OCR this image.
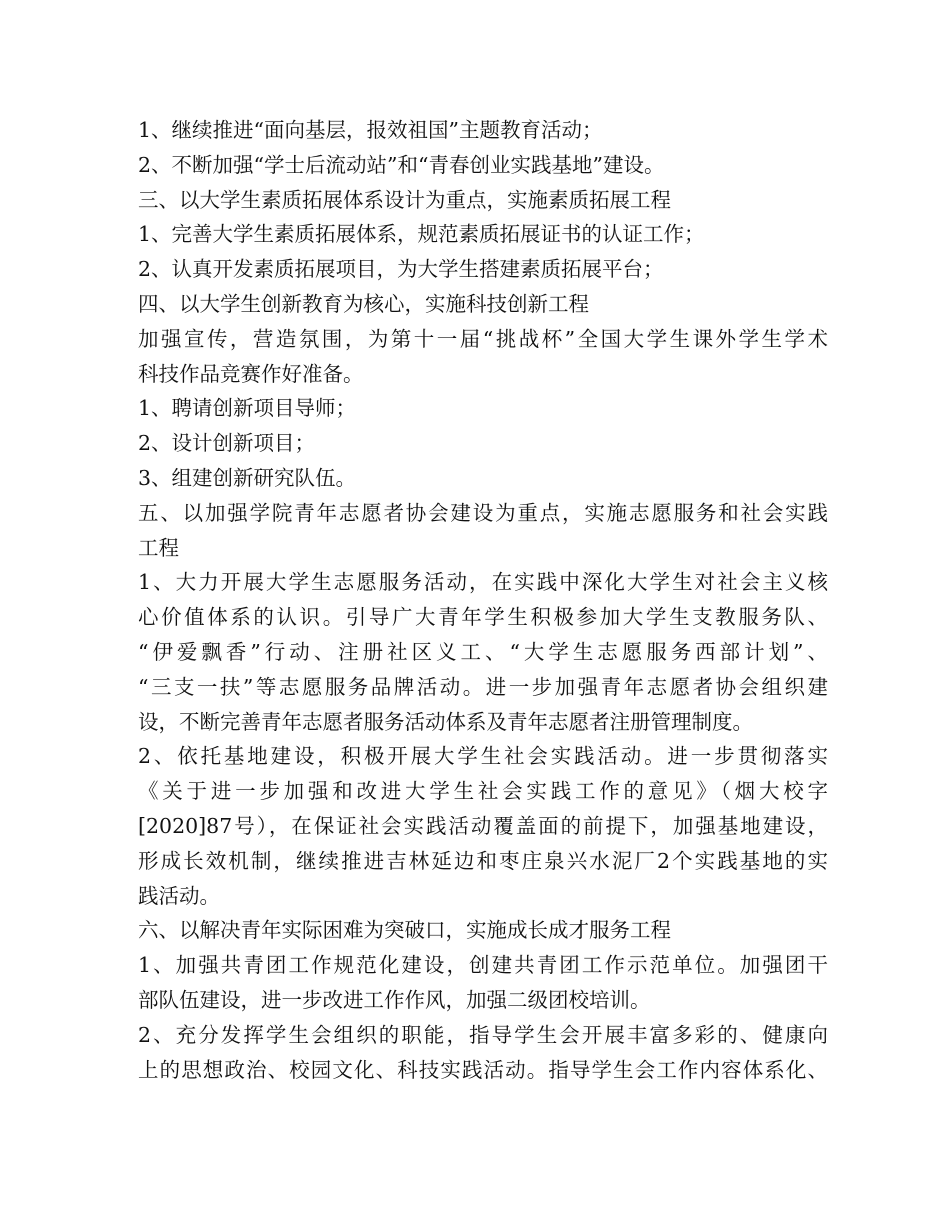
1、继续推进“面向基层，报效祖国”主题教育活动；
2、不断加强“学士后流动站”和“青春创业实践基地”建设。
三、以大学生素质拓展体系设计为重点，实施素质拓展工程
1、完善大学生素质拓展体系，规范素质拓展证书的认证工作；
2、认真开发素质拓展项目，为大学生搭建素质拓展平台；
四、以大学生创新教育为核心，实施科技创新工程
加强宣传，营造氛围，为第十一届“挑战杯”全国大学生课外学生学术
科技作品竞赛作好准备。
1、聘请创新项目导师；
2、设计创新项目；
3、组建创新研究队伍。
五、以加强学院青年志愿者协会建设为重点，实施志愿服务和社会实践
工程
1、大力开展大学生志愿服务活动，在实践中深化大学生对社会主义核
心价值体系的认识。引导广大青年学生积极参加大学生支教服务队、
“伊爱飘香”行动、注册社区义工、“大学生志愿服务西部计划”、
“三支一扶”等志愿服务品牌活动。进一步加强青年志愿者协会组织建
设，不断完善青年志愿者服务活动体系及青年志愿者注册管理制度。
2、依托基地建设，积极开展大学生社会实践活动。进一步贯彻落实
《关于进一步加强和改进大学生社会实践工作的意见》（烟大校字
[2020]87号），在保证社会实践活动覆盖面的前提下，加强基地建设，
形成长效机制，继续推进吉林延边和枣庄泉兴水泥厂2个实践基地的实
践活动。
六、以解决青年实际困难为突破口，实施成长成才服务工程
1、加强共青团工作规范化建设，创建共青团工作示范单位。加强团干
部队伍建设，进一步改进工作作风，加强二级团校培训。
2、充分发挥学生会组织的职能，指导学生会开展丰富多彩的、健康向
上的思想政治、校园文化、科技实践活动。指导学生会工作内容体系化、
